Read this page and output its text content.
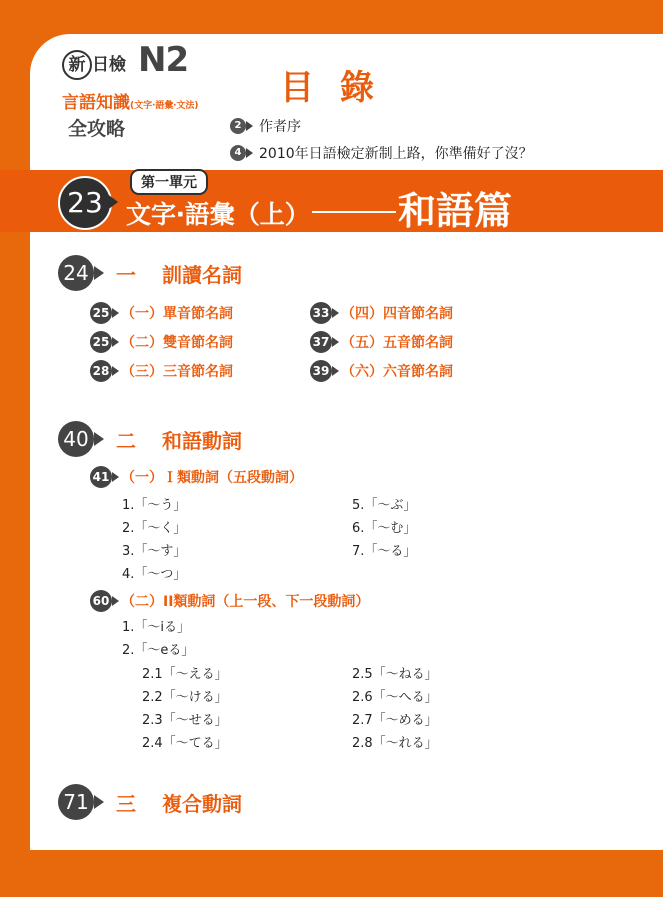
新 日檢 N2
言語知識(文字‧語彙‧文法)
全攻略
目錄
2	作者序
4	2010年日語檢定新制上路，你準備好了沒？
23
第一單元
文字‧語彙（上） 和語篇
24 一 訓讀名詞
25 （一）單音節名詞
25 （二）雙音節名詞
28 （三）三音節名詞
33 （四）四音節名詞
37 （五）五音節名詞
39 （六）六音節名詞
40 二 和語動詞
41 （一）Ｉ類動詞（五段動詞）
1.「～う」
2.「～く」
3.「～す」
4.「～つ」
5.「～ぶ」
6.「～む」
7.「～る」
60 （二）II類動詞（上一段、下一段動詞）
1.「～iる」
2.「～eる」
2.1「～える」
2.2「～ける」
2.3「～せる」
2.4「～てる」
2.5「～ねる」
2.6「～へる」
2.7「～める」
2.8「～れる」
71 三 複合動詞
